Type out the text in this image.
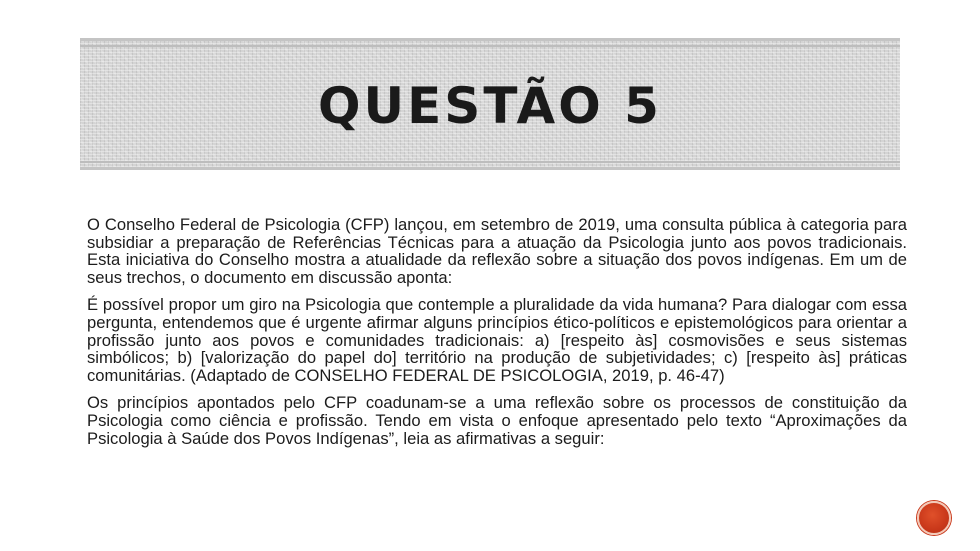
QUESTÃO 5

O Conselho Federal de Psicologia (CFP) lançou, em setembro de 2019, uma consulta pública à categoria para subsidiar a preparação de Referências Técnicas para a atuação da Psicologia junto aos povos tradicionais. Esta iniciativa do Conselho mostra a atualidade da reflexão sobre a situação dos povos indígenas. Em um de seus trechos, o documento em discussão aponta:

É possível propor um giro na Psicologia que contemple a pluralidade da vida humana? Para dialogar com essa pergunta, entendemos que é urgente afirmar alguns princípios ético-políticos e epistemológicos para orientar a profissão junto aos povos e comunidades tradicionais: a) [respeito às] cosmovisões e seus sistemas simbólicos; b) [valorização do papel do] território na produção de subjetividades; c) [respeito às] práticas comunitárias. (Adaptado de CONSELHO FEDERAL DE PSICOLOGIA, 2019, p. 46-47)

Os princípios apontados pelo CFP coadunam-se a uma reflexão sobre os processos de constituição da Psicologia como ciência e profissão. Tendo em vista o enfoque apresentado pelo texto “Aproximações da Psicologia à Saúde dos Povos Indígenas”, leia as afirmativas a seguir:
